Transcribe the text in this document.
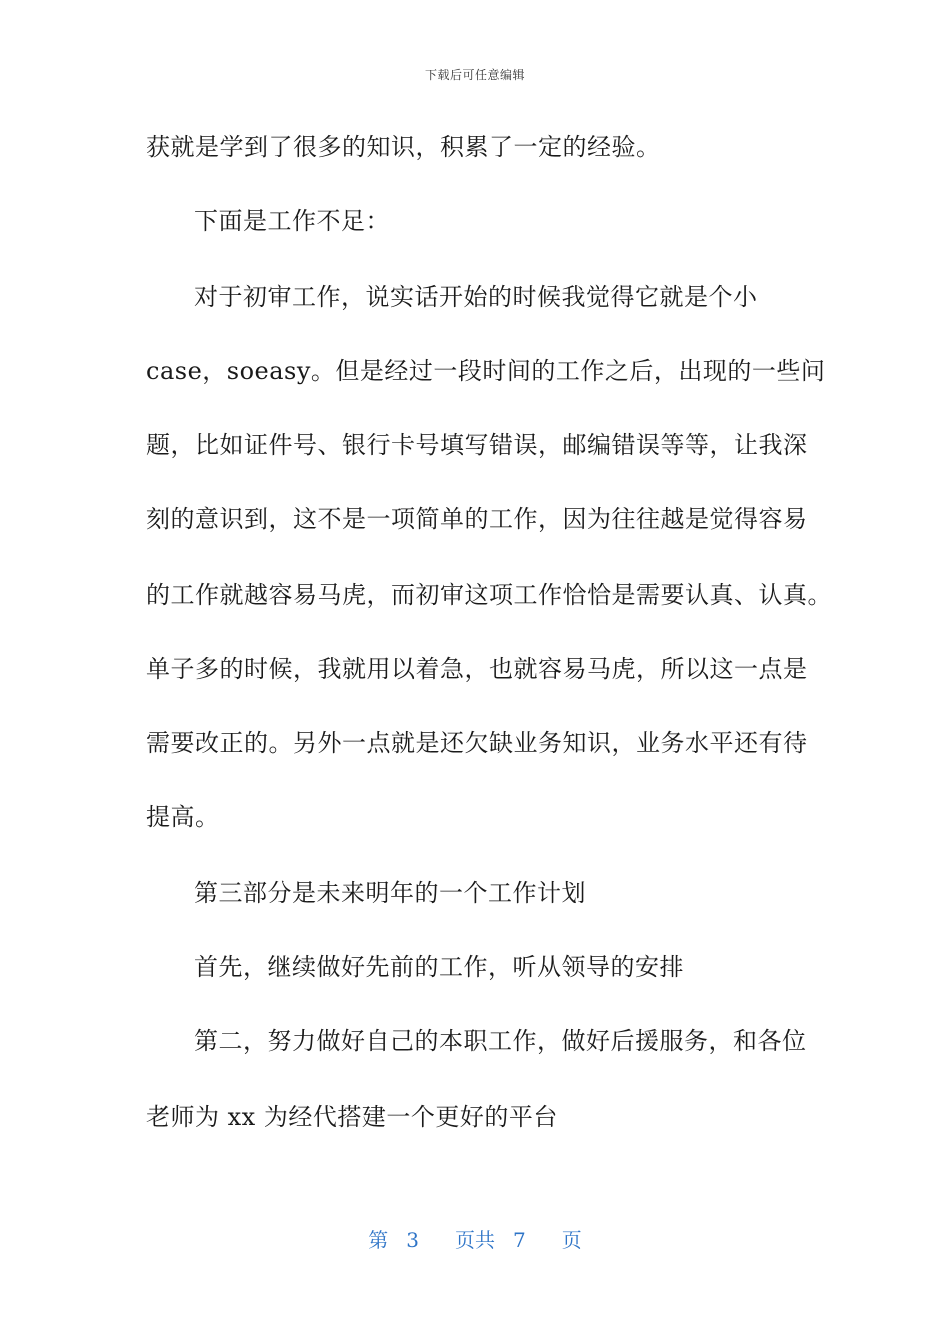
下载后可任意编辑
获就是学到了很多的知识，积累了一定的经验。
下面是工作不足：
对于初审工作，说实话开始的时候我觉得它就是个小
case，soeasy。但是经过一段时间的工作之后，出现的一些问
题，比如证件号、银行卡号填写错误，邮编错误等等，让我深
刻的意识到，这不是一项简单的工作，因为往往越是觉得容易
的工作就越容易马虎，而初审这项工作恰恰是需要认真、认真。
单子多的时候，我就用以着急，也就容易马虎，所以这一点是
需要改正的。另外一点就是还欠缺业务知识，业务水平还有待
提高。
第三部分是未来明年的一个工作计划
首先，继续做好先前的工作，听从领导的安排
第二，努力做好自己的本职工作，做好后援服务，和各位
老师为 xx 为经代搭建一个更好的平台
第 3 页共 7 页
